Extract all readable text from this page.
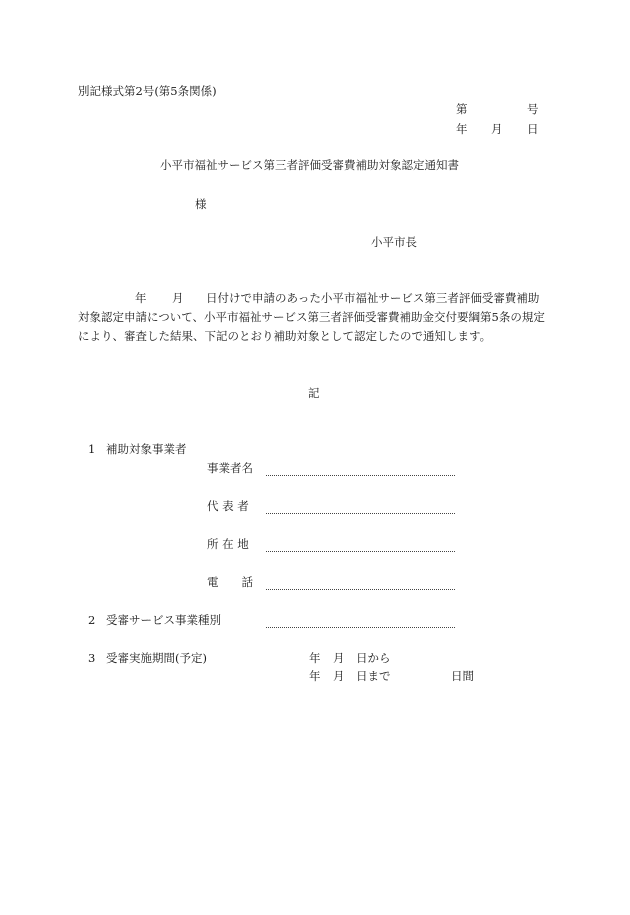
別記様式第2号(第5条関係)
第	号
年 月 日
小平市福祉サービス第三者評価受審費補助対象認定通知書
様
小平市長
年 月 日付けで申請のあった小平市福祉サービス第三者評価受審費補助
対象認定申請について、小平市福祉サービス第三者評価受審費補助金交付要綱第5条の規定
により、審査した結果、下記のとおり補助対象として認定したので通知します。
記
1 補助対象事業者
事業者名
代 表 者
所 在 地
電　　話
2 受審サービス事業種別
3 受審実施期間(予定)	年 月 日から
年 月 日まで	日間
